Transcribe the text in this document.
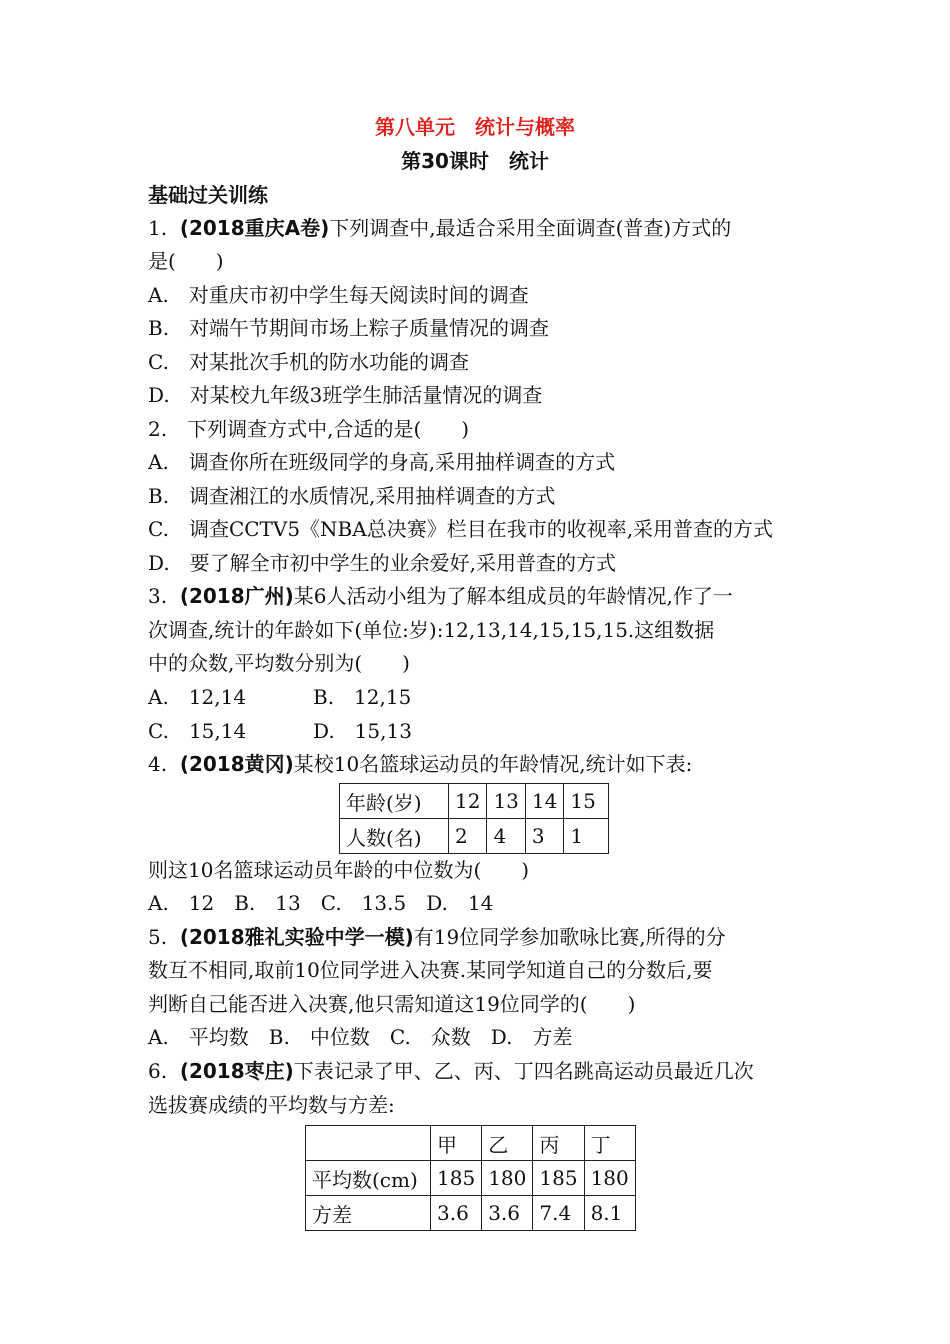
第八单元　统计与概率
第30课时　统计
基础过关训练
1. (2018重庆A卷)下列调查中,最适合采用全面调查(普查)方式的
是(　　)
A.　对重庆市初中学生每天阅读时间的调查
B.　对端午节期间市场上粽子质量情况的调查
C.　对某批次手机的防水功能的调查
D.　对某校九年级3班学生肺活量情况的调查
2.　下列调查方式中,合适的是(　　)
A.　调查你所在班级同学的身高,采用抽样调查的方式
B.　调查湘江的水质情况,采用抽样调查的方式
C.　调查CCTV5《NBA总决赛》栏目在我市的收视率,采用普查的方式
D.　要了解全市初中学生的业余爱好,采用普查的方式
3. (2018广州)某6人活动小组为了解本组成员的年龄情况,作了一
次调查,统计的年龄如下(单位:岁):12,13,14,15,15,15.这组数据
中的众数,平均数分别为(　　)
A.　12,14	B.　12,15
C.　15,14	D.　15,13
4. (2018黄冈)某校10名篮球运动员的年龄情况,统计如下表:
年龄(岁)	12	13	14	15
人数(名)	2	4	3	1
则这10名篮球运动员年龄的中位数为(　　)
A.　12　B.　13　C.　13.5　D.　14
5. (2018雅礼实验中学一模)有19位同学参加歌咏比赛,所得的分
数互不相同,取前10位同学进入决赛.某同学知道自己的分数后,要
判断自己能否进入决赛,他只需知道这19位同学的(　　)
A.　平均数　B.　中位数　C.　众数　D.　方差
6. (2018枣庄)下表记录了甲、乙、丙、丁四名跳高运动员最近几次
选拔赛成绩的平均数与方差:
	甲	乙	丙	丁
平均数(cm)	185	180	185	180
方差	3.6	3.6	7.4	8.1
